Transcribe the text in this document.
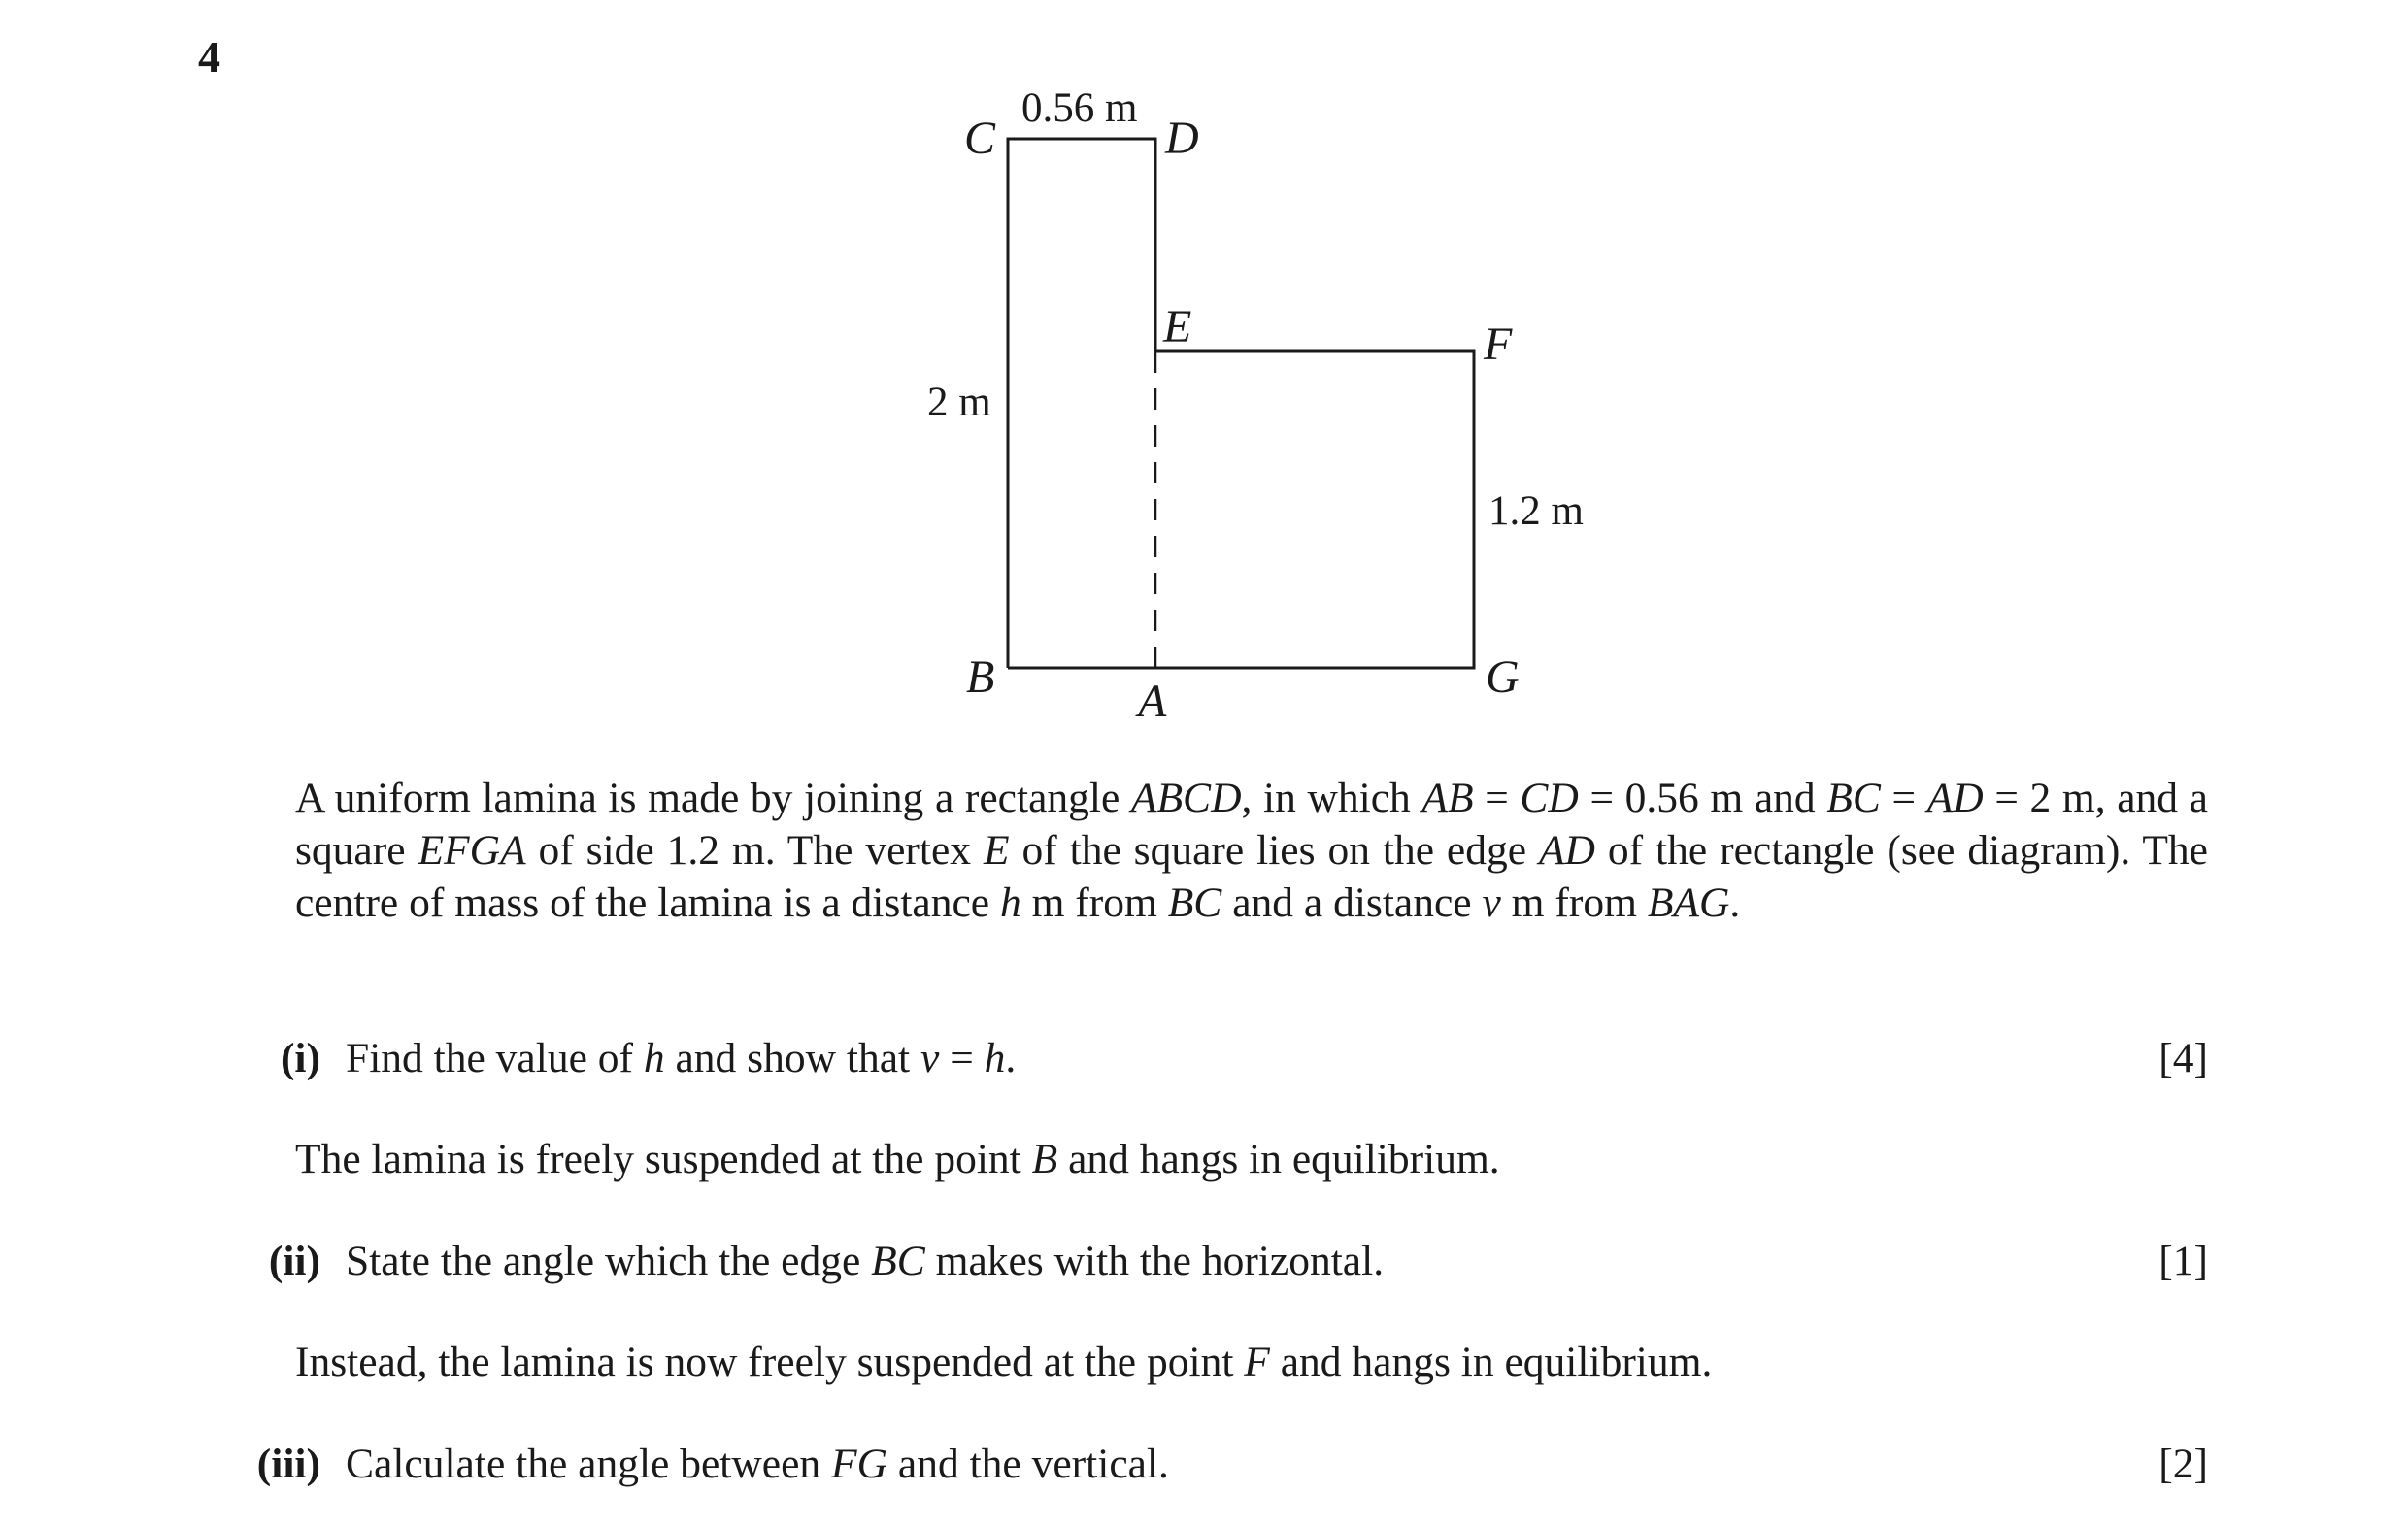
4
C	D
E	F
B	A	G
0.56 m
2 m
1.2 m

A uniform lamina is made by joining a rectangle ABCD, in which AB = CD = 0.56 m and BC = AD = 2 m, and a square EFGA of side 1.2 m. The vertex E of the square lies on the edge AD of the rectangle (see diagram). The centre of mass of the lamina is a distance h m from BC and a distance v m from BAG.

(i) Find the value of h and show that v = h.	[4]
The lamina is freely suspended at the point B and hangs in equilibrium.
(ii) State the angle which the edge BC makes with the horizontal.	[1]
Instead, the lamina is now freely suspended at the point F and hangs in equilibrium.
(iii) Calculate the angle between FG and the vertical.	[2]
